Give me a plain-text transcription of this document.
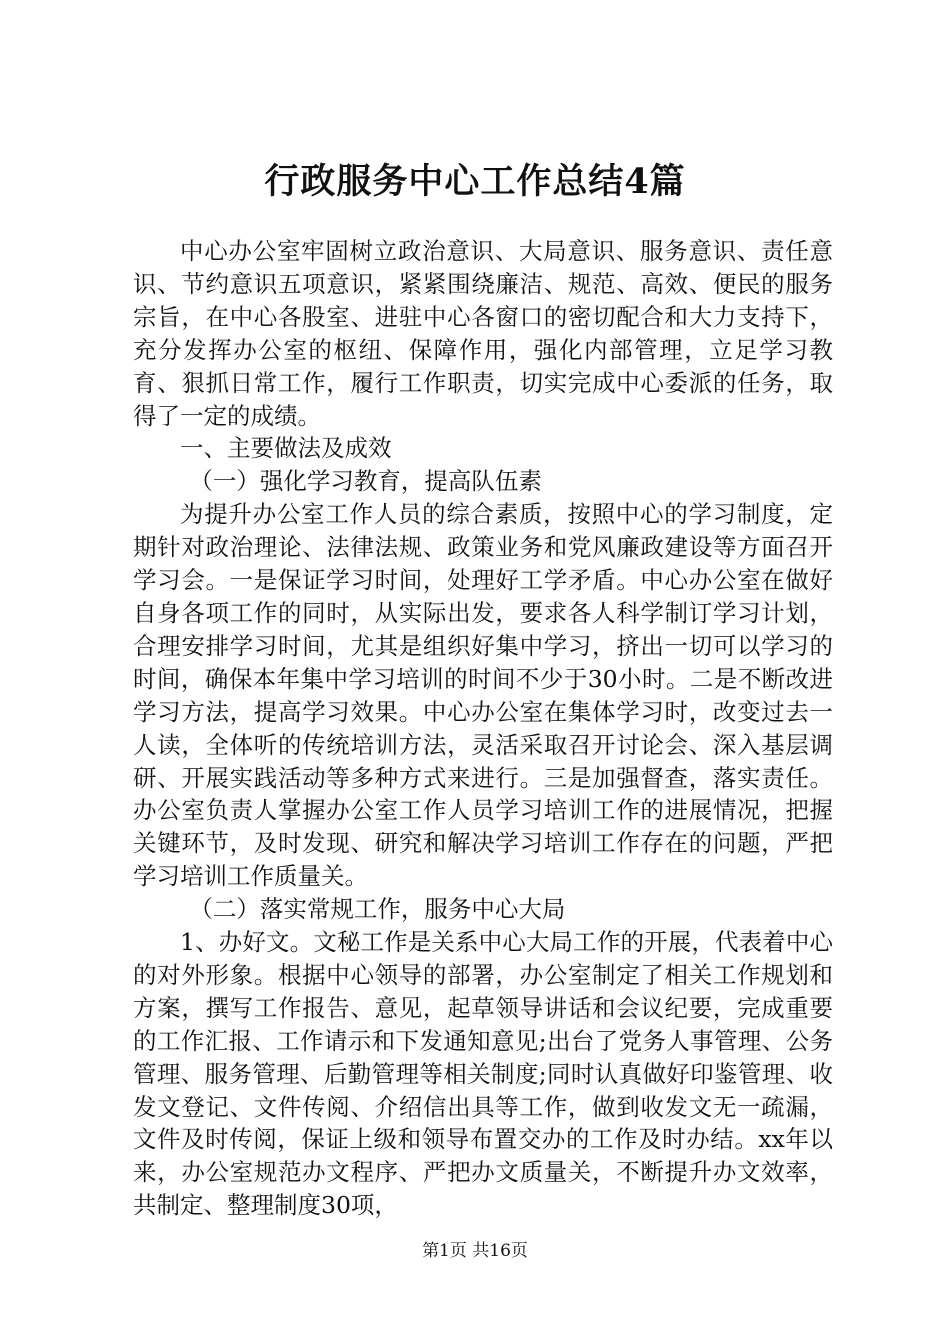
行政服务中心工作总结4篇

中心办公室牢固树立政治意识、大局意识、服务意识、责任意识、节约意识五项意识，紧紧围绕廉洁、规范、高效、便民的服务宗旨，在中心各股室、进驻中心各窗口的密切配合和大力支持下，充分发挥办公室的枢纽、保障作用，强化内部管理，立足学习教育、狠抓日常工作，履行工作职责，切实完成中心委派的任务，取得了一定的成绩。

一、主要做法及成效

（一）强化学习教育，提高队伍素

为提升办公室工作人员的综合素质，按照中心的学习制度，定期针对政治理论、法律法规、政策业务和党风廉政建设等方面召开学习会。一是保证学习时间，处理好工学矛盾。中心办公室在做好自身各项工作的同时，从实际出发，要求各人科学制订学习计划，合理安排学习时间，尤其是组织好集中学习，挤出一切可以学习的时间，确保本年集中学习培训的时间不少于30小时。二是不断改进学习方法，提高学习效果。中心办公室在集体学习时，改变过去一人读，全体听的传统培训方法，灵活采取召开讨论会、深入基层调研、开展实践活动等多种方式来进行。三是加强督查，落实责任。办公室负责人掌握办公室工作人员学习培训工作的进展情况，把握关键环节，及时发现、研究和解决学习培训工作存在的问题，严把学习培训工作质量关。

（二）落实常规工作，服务中心大局

1、办好文。文秘工作是关系中心大局工作的开展，代表着中心的对外形象。根据中心领导的部署，办公室制定了相关工作规划和方案，撰写工作报告、意见，起草领导讲话和会议纪要，完成重要的工作汇报、工作请示和下发通知意见;出台了党务人事管理、公务管理、服务管理、后勤管理等相关制度;同时认真做好印鉴管理、收发文登记、文件传阅、介绍信出具等工作，做到收发文无一疏漏，文件及时传阅，保证上级和领导布置交办的工作及时办结。xx年以来，办公室规范办文程序、严把办文质量关，不断提升办文效率，共制定、整理制度30项，

第1页 共16页
